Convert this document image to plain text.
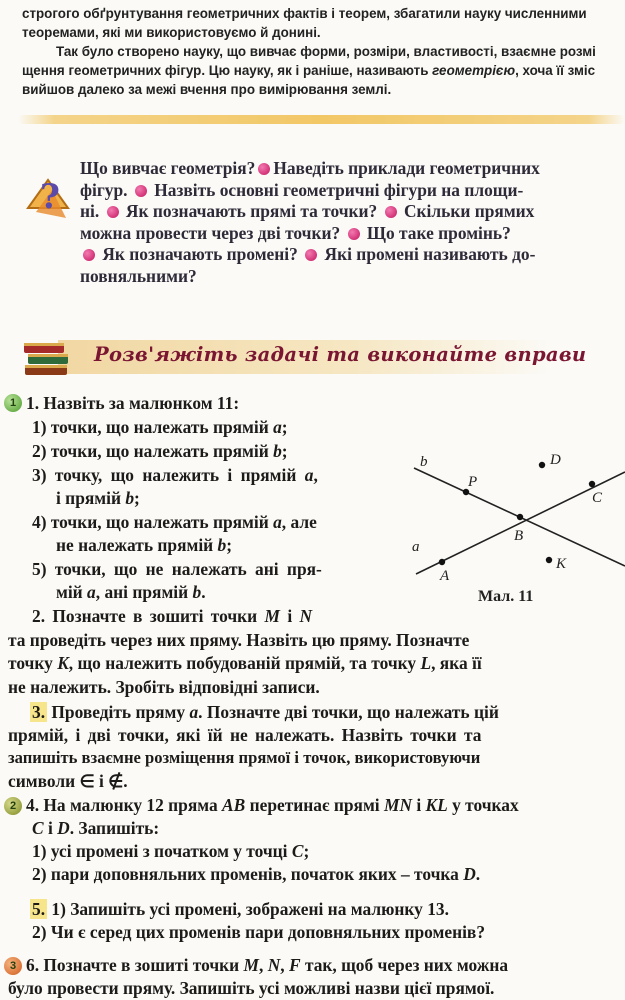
строгого обґрунтування геометричних фактів і теорем, збагатили науку численними

теоремами, які ми використовуємо й донині.

Так було створено науку, що вивчає форми, розміри, властивості, взаємне розмі

щення геометричних фігур. Цю науку, як і раніше, називають геометрією, хоча її зміс

вийшов далеко за межі вчення про вимірювання землі.

?
Що вивчає геометрія? Наведіть приклади геометричних
фігур. Назвіть основні геометричні фігури на площи-
ні. Як позначають прямі та точки? Скільки прямих
можна провести через дві точки? Що таке промінь?
Як позначають промені? Які промені називають до-
повняльними?
Розв'яжіть задачі та виконайте вправи
1 1. Назвіть за малюнком 11:
1) точки, що належать прямій a;
2) точки, що належать прямій b;
3) точку, що належить і прямій a,
і прямій b;
4) точки, що належать прямій a, але
не належать прямій b;
5) точки, що не належать ані пря-
мій a, ані прямій b.
b
a
D
P
C
B
A
K
Мал. 11
2. Позначте в зошиті точки M і N
та проведіть через них пряму. Назвіть цю пряму. Позначте
точку K, що належить побудованій прямій, та точку L, яка її
не належить. Зробіть відповідні записи.
3. Проведіть пряму a. Позначте дві точки, що належать цій
прямій, і дві точки, які їй не належать. Назвіть точки та
запишіть взаємне розміщення прямої і точок, використовуючи
символи ∈ і ∉.
2 4. На малюнку 12 пряма AB перетинає прямі MN і KL у точках
C і D. Запишіть:
1) усі промені з початком у точці C;
2) пари доповняльних променів, початок яких – точка D.
5. 1) Запишіть усі промені, зображені на малюнку 13.
2) Чи є серед цих променів пари доповняльних променів?
3 6. Позначте в зошиті точки M, N, F так, щоб через них можна
було провести пряму. Запишіть усі можливі назви цієї прямої.
